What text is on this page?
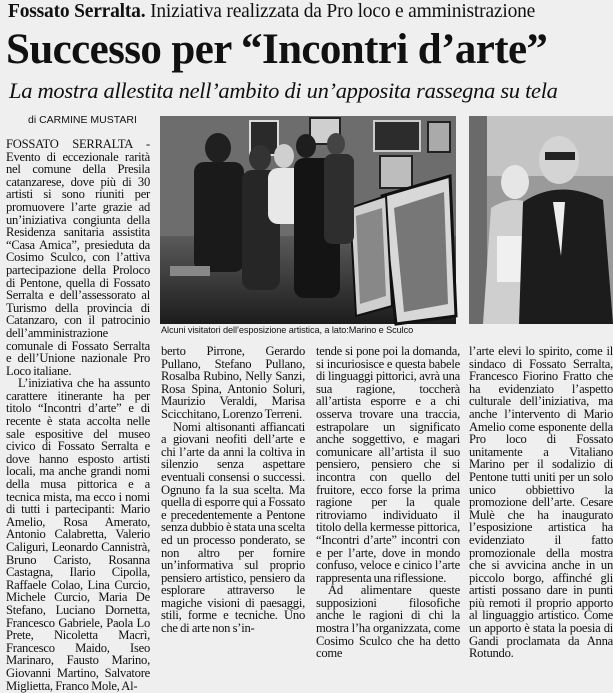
Fossato Serralta. Iniziativa realizzata da Pro loco e amministrazione
Successo per “Incontri d’arte”
La mostra allestita nell’ambito di un’apposita rassegna su tela
di CARMINE MUSTARI
Alcuni visitatori dell’esposizione artistica, a lato:Marino e Sculco

FOSSATO SERRALTA - Evento di eccezionale rarità nel comune della Presila catanzarese, dove più di 30 artisti si sono riuniti per promuovere l’arte grazie ad un’iniziativa congiunta della Residenza sanitaria assistita “Casa Amica”, presieduta da Cosimo Sculco, con l’attiva partecipazione della Proloco di Pentone, quella di Fossato Serralta e dell’assessorato al Turismo della provincia di Catanzaro, con il patrocinio dell’amministrazione comunale di Fossato Serralta e dell’Unione nazionale Pro Loco italiane.

L’iniziativa che ha assunto carattere itinerante ha per titolo “Incontri d’arte” e di recente è stata accolta nelle sale espositive del museo civico di Fossato Serralta e dove hanno esposto artisti locali, ma anche grandi nomi della musa pittorica e a tecnica mista, ma ecco i nomi di tutti i partecipanti: Mario Amelio, Rosa Amerato, Antonio Calabretta, Valerio Caliguri, Leonardo Cannistrà, Bruno Caristo, Rosanna Castagna, Ilario Cipolla, Raffaele Colao, Lina Curcio, Michele Curcio, Maria De Stefano, Luciano Dornetta, Francesco Gabriele, Paola Lo Prete, Nicoletta Macrì, Francesco Maido, Iseo Marinaro, Fausto Marino, Giovanni Martino, Salvatore Miglietta, Franco Mole, Al-

berto Pirrone, Gerardo Pullano, Stefano Pullano, Rosalba Rubino, Nelly Sanzi, Rosa Spina, Antonio Soluri, Maurizio Veraldi, Marisa Scicchitano, Lorenzo Terreni.

Nomi altisonanti affiancati a giovani neofiti dell’arte e chi l’arte da anni la coltiva in silenzio senza aspettare eventuali consensi o successi. Ognuno fa la sua scelta. Ma quella di esporre qui a Fossato e precedentemente a Pentone senza dubbio è stata una scelta ed un processo ponderato, se non altro per fornire un’informativa sul proprio pensiero artistico, pensiero da esplorare attraverso le magiche visioni di paesaggi, stili, forme e tecniche. Uno che di arte non s’in-

tende si pone poi la domanda, si incuriosisce e questa babele di linguaggi pittorici, avrà una sua ragione, toccherà all’artista esporre e a chi osserva trovare una traccia, estrapolare un significato anche soggettivo, e magari comunicare all’artista il suo pensiero, pensiero che si incontra con quello del fruitore, ecco forse la prima ragione per la quale ritroviamo individuato il titolo della kermesse pittorica, “Incontri d’arte” incontri con e per l’arte, dove in mondo confuso, veloce e cinico l’arte rappresenta una riflessione.

Ad alimentare queste supposizioni filosofiche anche le ragioni di chi la mostra l’ha organizzata, come Cosimo Sculco che ha detto come

l’arte elevi lo spirito, come il sindaco di Fossato Serralta, Francesco Fiorino Fratto che ha evidenziato l’aspetto culturale dell’iniziativa, ma anche l’intervento di Mario Amelio come esponente della Pro loco di Fossato unitamente a Vitaliano Marino per il sodalizio di Pentone tutti uniti per un solo unico obbiettivo la promozione dell’arte. Cesare Mulè che ha inaugurato l’esposizione artistica ha evidenziato il fatto promozionale della mostra che si avvicina anche in un piccolo borgo, affinché gli artisti possano dare in punti più remoti il proprio apporto al linguaggio artistico. Come un apporto è stata la poesia di Gandi proclamata da Anna Rotundo.
